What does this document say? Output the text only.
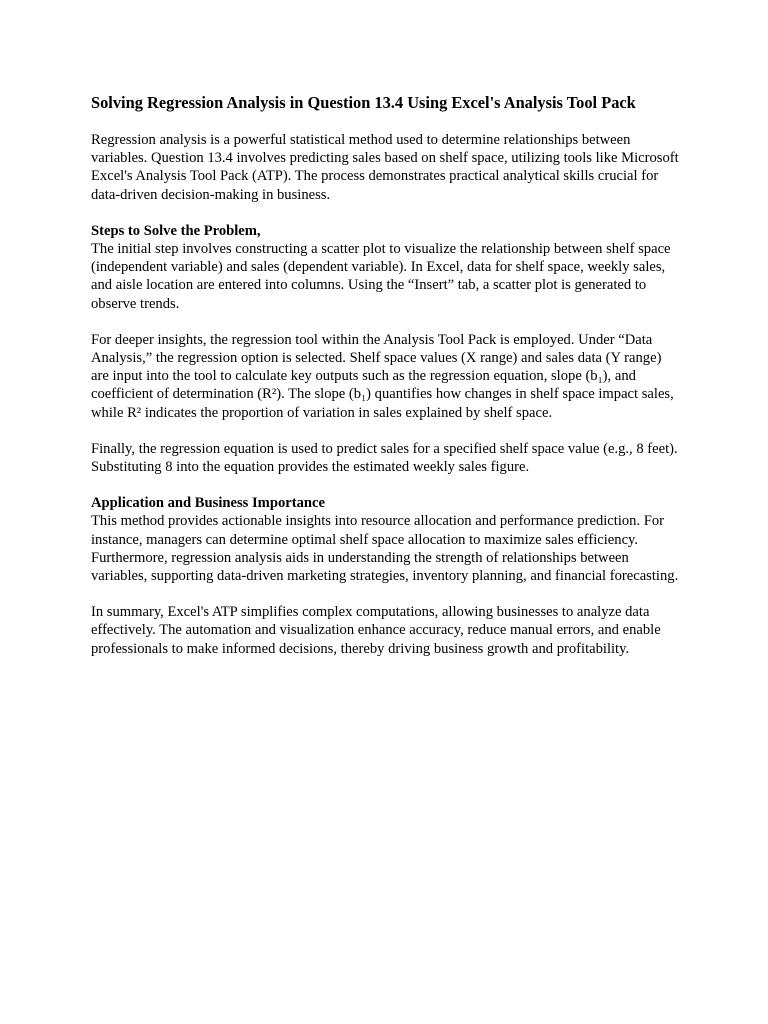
Solving Regression Analysis in Question 13.4 Using Excel's Analysis Tool Pack

Regression analysis is a powerful statistical method used to determine relationships between variables. Question 13.4 involves predicting sales based on shelf space, utilizing tools like Microsoft Excel's Analysis Tool Pack (ATP). The process demonstrates practical analytical skills crucial for data-driven decision-making in business.

Steps to Solve the Problem,
The initial step involves constructing a scatter plot to visualize the relationship between shelf space (independent variable) and sales (dependent variable). In Excel, data for shelf space, weekly sales, and aisle location are entered into columns. Using the “Insert” tab, a scatter plot is generated to observe trends.

For deeper insights, the regression tool within the Analysis Tool Pack is employed. Under “Data Analysis,” the regression option is selected. Shelf space values (X range) and sales data (Y range) are input into the tool to calculate key outputs such as the regression equation, slope (b₁), and coefficient of determination (R²). The slope (b₁) quantifies how changes in shelf space impact sales, while R² indicates the proportion of variation in sales explained by shelf space.

Finally, the regression equation is used to predict sales for a specified shelf space value (e.g., 8 feet). Substituting 8 into the equation provides the estimated weekly sales figure.

Application and Business Importance
This method provides actionable insights into resource allocation and performance prediction. For instance, managers can determine optimal shelf space allocation to maximize sales efficiency. Furthermore, regression analysis aids in understanding the strength of relationships between variables, supporting data-driven marketing strategies, inventory planning, and financial forecasting.

In summary, Excel's ATP simplifies complex computations, allowing businesses to analyze data effectively. The automation and visualization enhance accuracy, reduce manual errors, and enable professionals to make informed decisions, thereby driving business growth and profitability.
